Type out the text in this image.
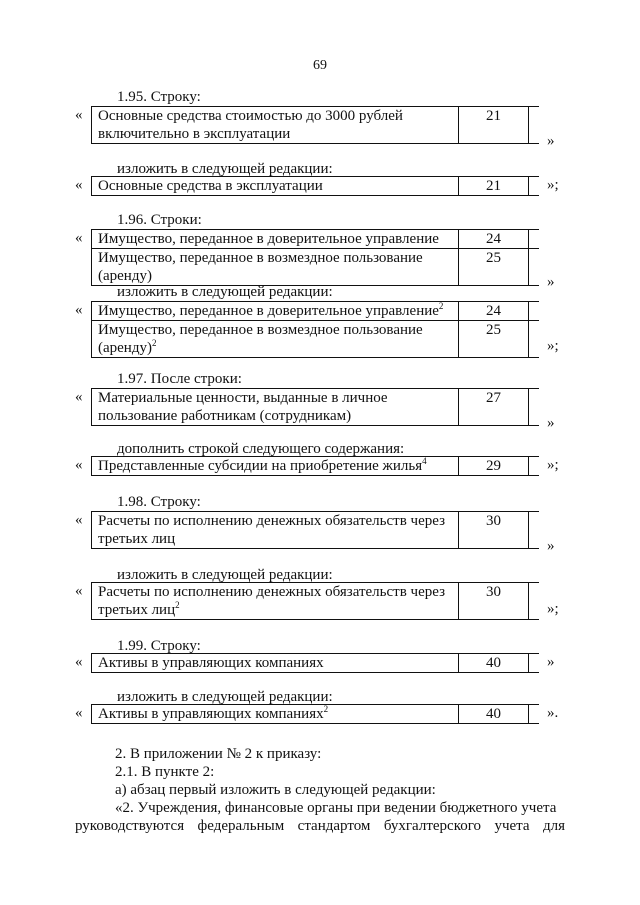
69
1.95. Строку:
« Основные средства стоимостью до 3000 рублей включительно в эксплуатации	21	
»
изложить в следующей редакции:
« Основные средства в эксплуатации	21		»;
1.96. Строки:
« Имущество, переданное в доверительное управление	24	
Имущество, переданное в возмездное пользование (аренду)	25	
»
изложить в следующей редакции:
« Имущество, переданное в доверительное управление$^2$	24	
Имущество, переданное в возмездное пользование (аренду)$^2$	25	
»;
1.97. После строки:
« Материальные ценности, выданные в личное пользование работникам (сотрудникам)	27	
»
дополнить строкой следующего содержания:
« Представленные субсидии на приобретение жилья$^4$	29		»;
1.98. Строку:
« Расчеты по исполнению денежных обязательств через третьих лиц	30	
»
изложить в следующей редакции:
« Расчеты по исполнению денежных обязательств через третьих лиц$^2$	30	
»;
1.99. Строку:
« Активы в управляющих компаниях	40		»
изложить в следующей редакции:
« Активы в управляющих компаниях$^2$	40		».
2. В приложении № 2 к приказу:
2.1. В пункте 2:
а) абзац первый изложить в следующей редакции:
«2. Учреждения, финансовые органы при ведении бюджетного учета
руководствуются федеральным стандартом бухгалтерского учета для
